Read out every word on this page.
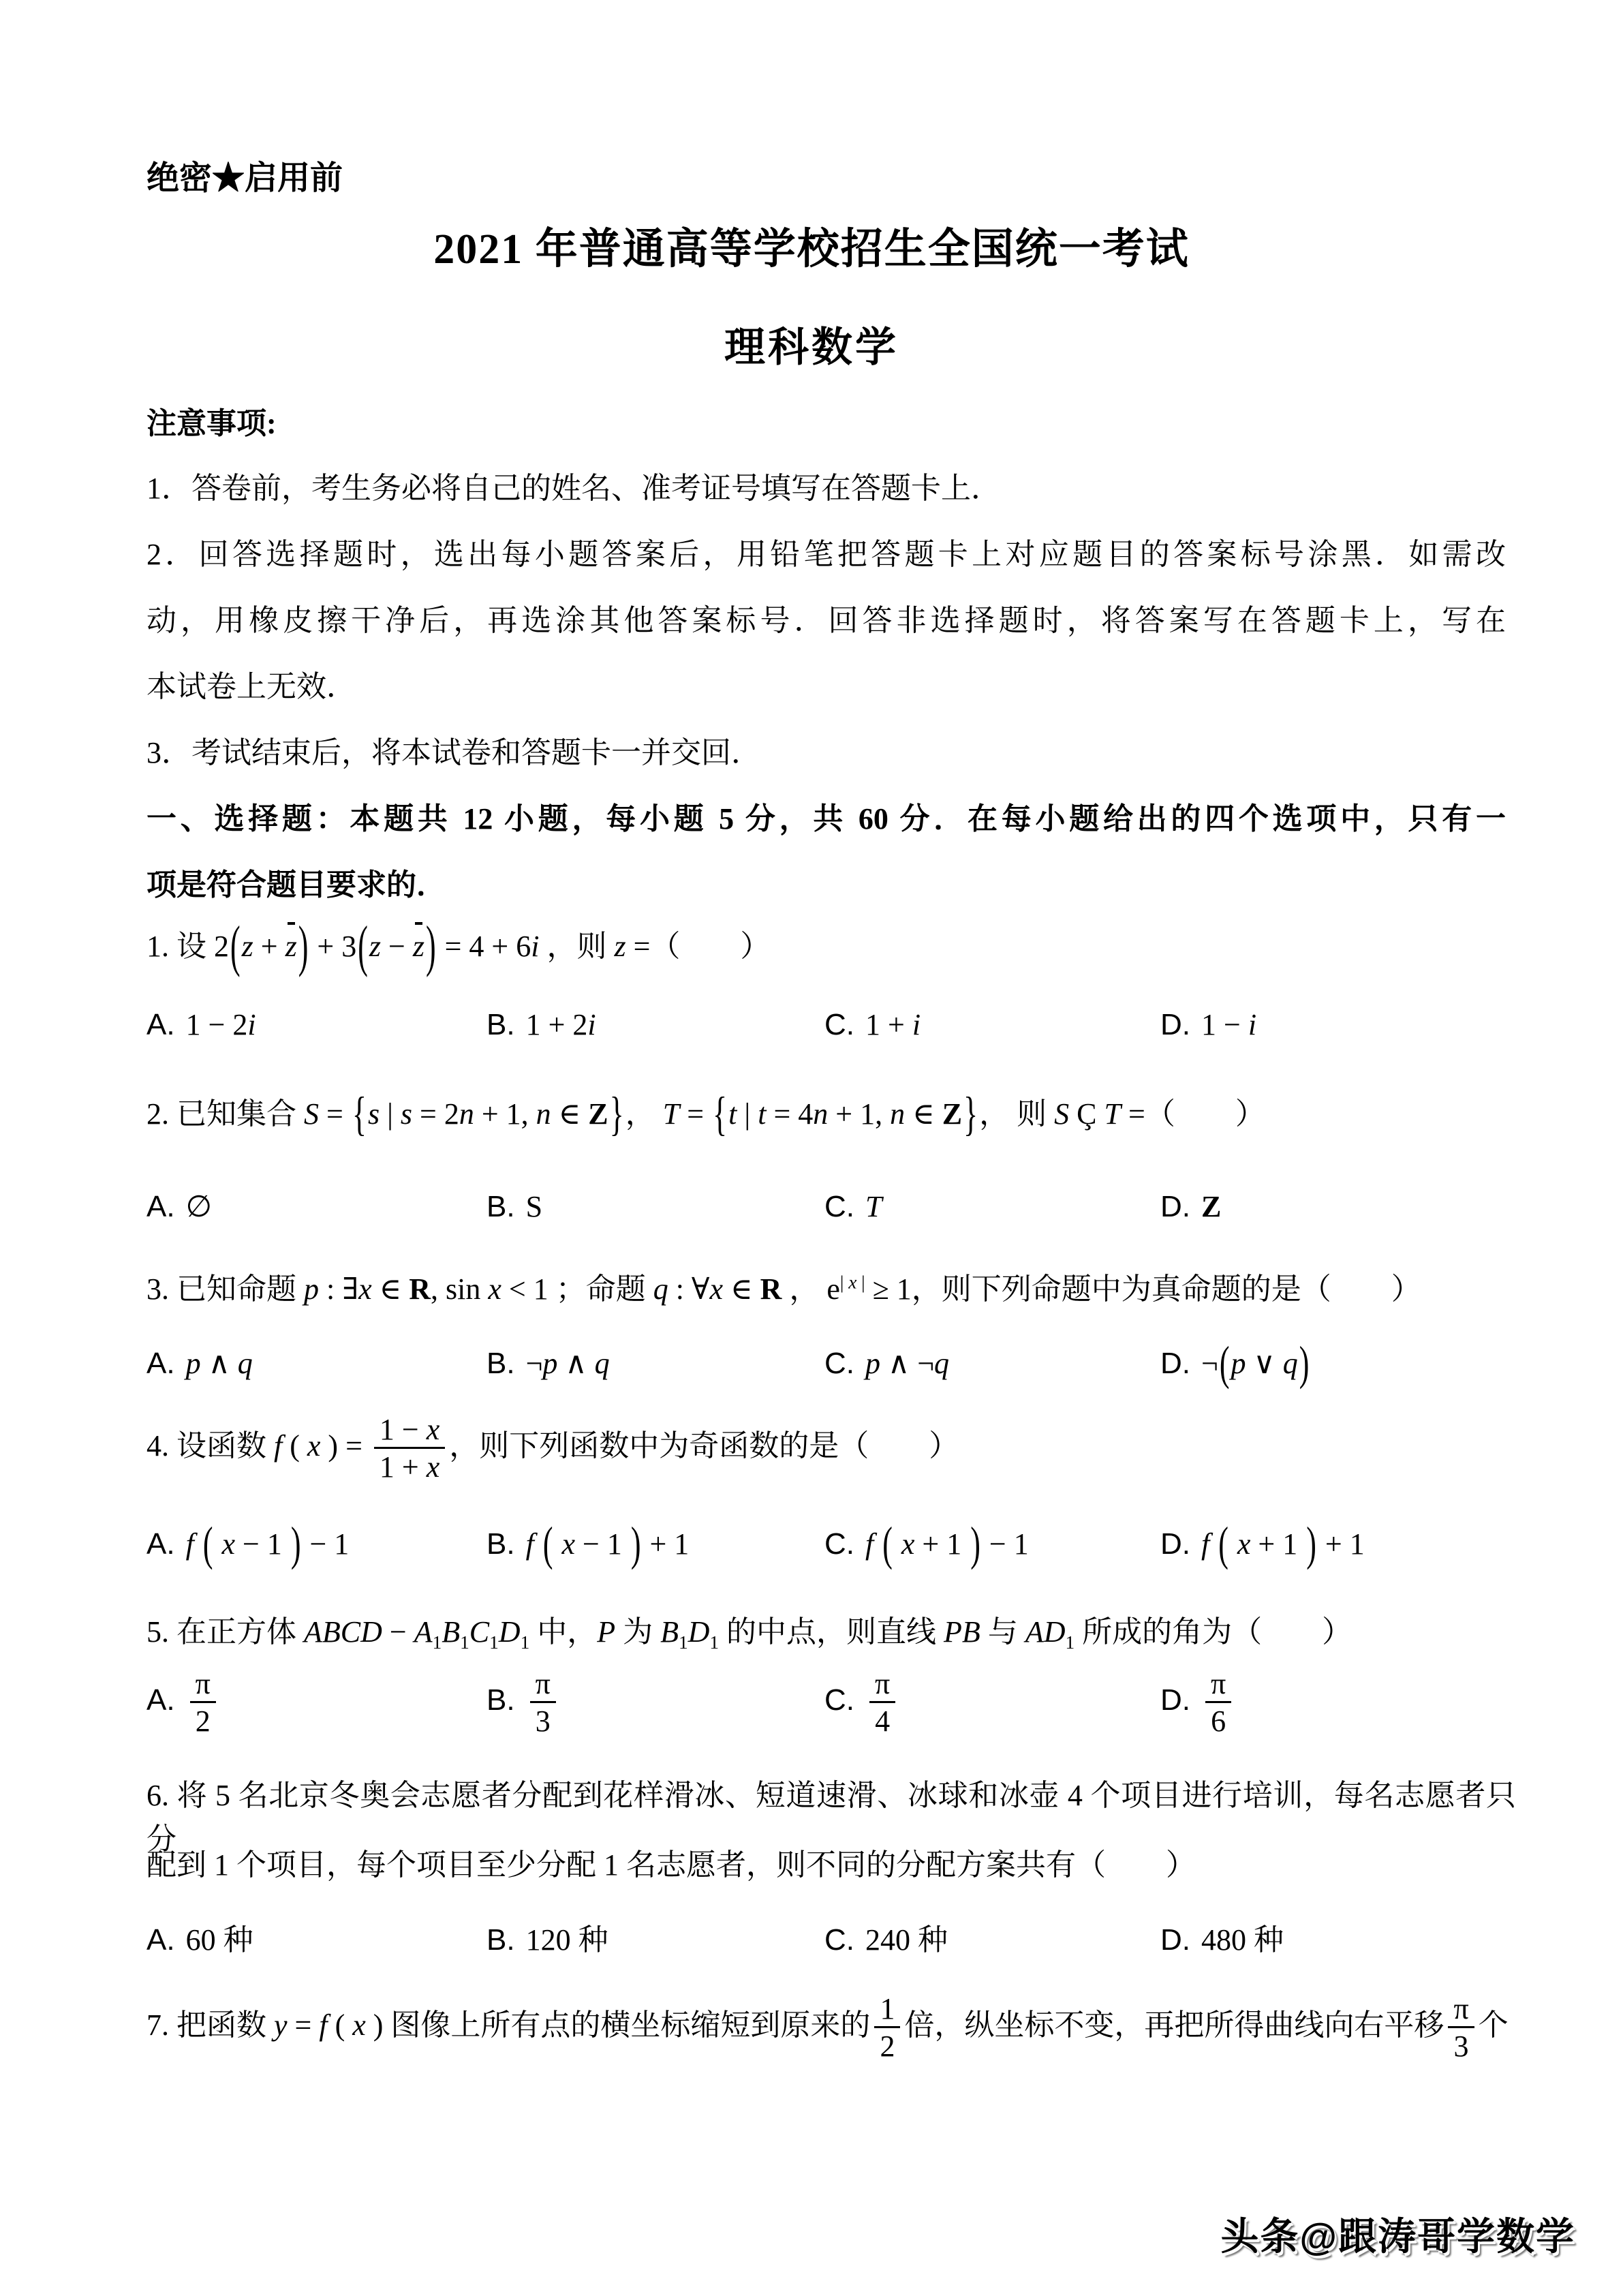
绝密★启用前
2021 年普通高等学校招生全国统一考试
理科数学
注意事项:
1．答卷前，考生务必将自己的姓名、准考证号填写在答题卡上．
2．回答选择题时，选出每小题答案后，用铅笔把答题卡上对应题目的答案标号涂黑．如需改
动，用橡皮擦干净后，再选涂其他答案标号．回答非选择题时，将答案写在答题卡上，写在
本试卷上无效．
3．考试结束后，将本试卷和答题卡一并交回．
一、选择题：本题共 12 小题，每小题 5 分，共 60 分．在每小题给出的四个选项中，只有一
项是符合题目要求的．
1. 设 2(z + z) + 3(z − z) = 4 + 6i ，则 z =（　　）
A. 1 − 2i	B. 1 + 2i	C. 1 + i	D. 1 − i
2. 已知集合 S = {s | s = 2n + 1, n ∈ Z}， T = {t | t = 4n + 1, n ∈ Z}， 则 S Ç T =（　　）
A. ∅	B. S	C. T	D. Z
3. 已知命题 p : ∃x ∈ R, sin x < 1 ；命题 q : ∀x ∈ R ， $e^{| x |} \ge 1$，则下列命题中为真命题的是（　　）
A. p ∧ q	B. ¬p ∧ q	C. p ∧ ¬q	D. ¬(p ∨ q)
4. 设函数 f ( x ) = $\frac{1 - x}{1 + x}$ ，则下列函数中为奇函数的是（　　）
A. f ( x − 1 ) − 1	B. f ( x − 1 ) + 1	C. f ( x + 1 ) − 1	D. f ( x + 1 ) + 1
5. 在正方体 ABCD − $A_1B_1C_1D_1$ 中，P 为 $B_1D_1$ 的中点，则直线 PB 与 $AD_1$ 所成的角为（　　）
A. $\frac{\pi}{2}$	B. $\frac{\pi}{3}$	C. $\frac{\pi}{4}$	D. $\frac{\pi}{6}$
6. 将 5 名北京冬奥会志愿者分配到花样滑冰、短道速滑、冰球和冰壶 4 个项目进行培训，每名志愿者只分
配到 1 个项目，每个项目至少分配 1 名志愿者，则不同的分配方案共有（　　）
A. 60 种	B. 120 种	C. 240 种	D. 480 种
7. 把函数 y = f ( x ) 图像上所有点的横坐标缩短到原来的 $\frac{1}{2}$ 倍，纵坐标不变，再把所得曲线向右平移 $\frac{\pi}{3}$ 个
头条@跟涛哥学数学
